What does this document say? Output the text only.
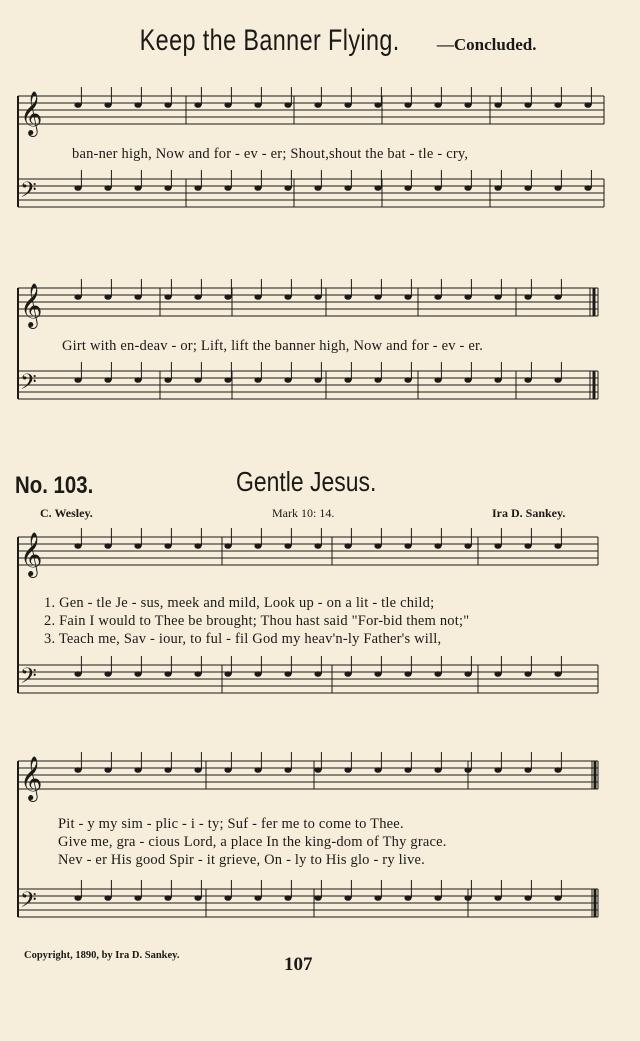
Keep the Banner Flying. —Concluded.
𝄞
𝄢
𝄞
𝄢
𝄞
𝄢
𝄞
𝄢
ban-ner high, Now and for - ev - er; Shout,shout the bat - tle - cry,
Girt with en-deav - or; Lift, lift the banner high, Now and for - ev - er.
No. 103.	Gentle Jesus.
C. Wesley.	Mark 10: 14.	Ira D. Sankey.
1. Gen - tle Je - sus, meek and mild, Look up - on a lit - tle child;
2. Fain I would to Thee be brought; Thou hast said "For-bid them not;"
3. Teach me, Sav - iour, to ful - fil God my heav'n-ly Father's will,
Pit - y my sim - plic - i - ty; Suf - fer me to come to Thee.
Give me, gra - cious Lord, a place In the king-dom of Thy grace.
Nev - er His good Spir - it grieve, On - ly to His glo - ry live.
Copyright, 1890, by Ira D. Sankey.	107
